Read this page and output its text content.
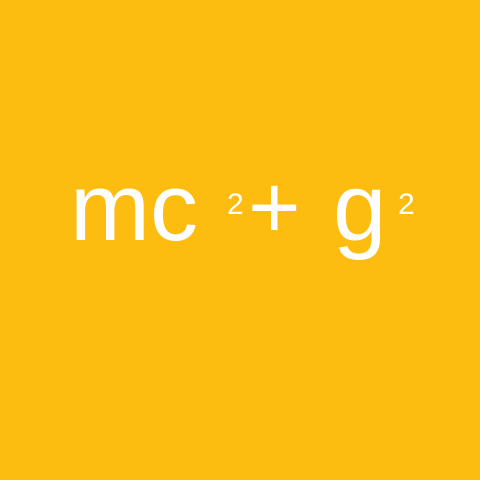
mc 2 + g 2
